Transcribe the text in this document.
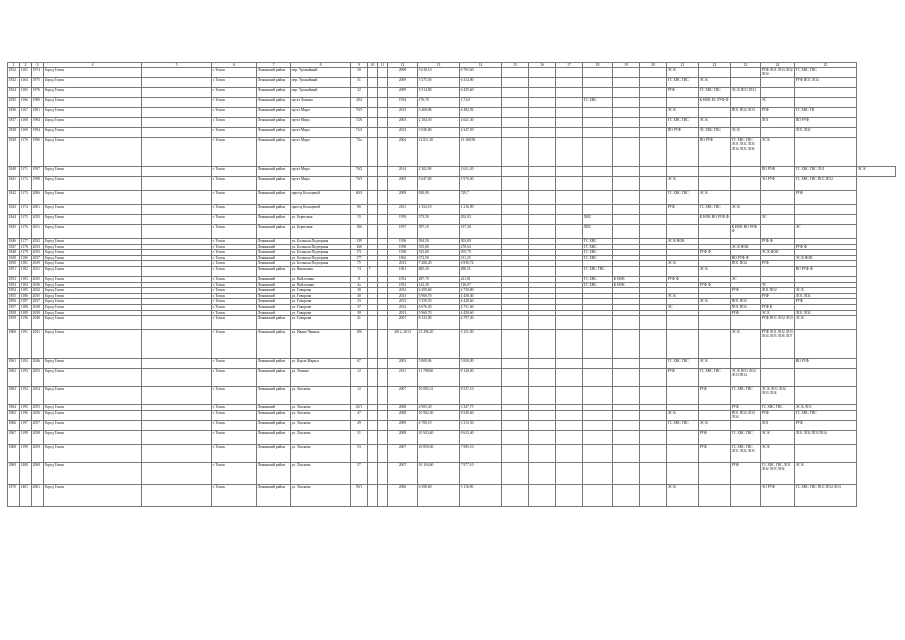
1	2	3	4	5	6	7	8	9	10	11	12	13	14	15	16	17	18	19	20	21	22	23	24	25	
1832	1161	1974	Город Томск		г. Томск	Ленинский район	пер. Урожайный	30			2009	5 618,10	6 765,60							ЭС К			РУФ ЛО1 ЛО3 ЛО2 ЛО4	ТС ХВС ГВС	
1832	1164	1975	Город Томск		г. Томск	Ленинский район	пер. Урожайный	31			2009	5 575,50	6 414,80							ТС ХВС ГВС	ЭС К			РУФ ПО1 ЛО2	
1834	1165	1976	Город Томск		г. Томск	Ленинский район	пер. Урожайный	32			2009	5 514,89	6 459,60							РУФ	ТС ХВС ГВС	ЭС К ПО1 ПО2			
1835	1166	1980	Город Томск		г. Томск	Ленинский район	пр-кт Ленина	204			1954	176,70	1,7,63				ТС ХВС				К НОК ЕС РУФ Ф		ЭС		
1836	1167	1991	Город Томск		г. Томск	Ленинский район	пр-кт Мира	70/3			2013	3 468,86	4 482,92							ЭС К		ПО1 ПО2 ЛО3	РУФ	ТС ХВС ГВ	
1837	1168	1984	Город Томск		г. Томск	Ленинский район	пр-кт Мира	72/6			2003	2 104,50	2 621,30							ТС ХВС ГВС	ЭС К		ЛО1	ПО РУФ	
1838	1169	1994	Город Томск		г. Томск	Ленинский район	пр-кт Мира	72/2			2013	3 038,80	4 347,50							ПО РУФ	ЭС ХВС ГВС	ЭС К		ЛО1 ЛО2	
1839	1170	1996	Город Томск		г. Томск	Ленинский район	пр-кт Мира	72а			2004	12 011,30	13 168,90								ПО РУФ	ТС ХВС ГВС ЛО1 ЛО2 ЛО3 ЛО4 ЛО5 ЛО6	ЭС К		
1840	1171	1997	Город Томск		г. Томск	Ленинский район	пр-кт Мира	76/2			2014	2 302,90	2 631,20										ПО РУФ	ТС ХВС ГВС ЛО1	ЭС К
1841	1172	1998	Город Томск		г. Томск	Ленинский район	пр-кт Мира	76/3			2005	5 047,80	5 970,00							ЭС К			ЭО РУФ	ТС ХВС ГВС ПО1 ПО2	
1842	1173	2006	Город Томск		г. Томск	Ленинский район	проезд Кольцевой	60/4			2009	820,90	729,7							ТС ХВС ГВС	ЭС К			РУФ	
1843	1174	2001	Город Томск		г. Томск	Ленинский район	проезд Кольцевой	8б			2011	1 352,10	1 216,89							РУФ	ТС ХВС ГВС	ЭС К			
1844	1175	2035	Город Томск		г. Томск	Ленинский район	ул. Береговая	15			1959	373,50	292,93				ХВС				К НОК ВО РУФ Ф		ЭС		
1845	1176	2031	Город Томск		г. Томск	Ленинский район	ул. Береговая	18б			1957	397,10	317,38				ХВС					К НОК ВО РУФ Ф		ЭС	
1846	1177	2032	Город Томск		г. Томск	Ленинский	ул. Большая Подгорная	139			1956	394,50	303,09				ТС ХВС			ЭС К НОК			РУФ Ф		
1847	1178	2033	Город Томск		г. Томск	Ленинский	ул. Большая Подгорная	160			1958	355,80	278,64				ТС ХВС					ЭС К НОК		РУФ Ф	
1848	1179	2035	Город Томск		г. Томск	Ленинский	ул. Большая Подгорная	171			1958	325,60	295,79				ТС ХВС				РУФ Ф		ЭС К НОК		
1849	1180	2037	Город Томск		г. Томск	Ленинский	ул. Большая Подгорная	177			1962	372,50	311,25				ТС ХВС					ВО РУФ Ф		ЭС К НОК	
1850	1181	2039	Город Томск		г. Томск	Ленинский	ул. Большая Подгорная	75			2013	7 206,20	6 930,74							ЭС К		ПО1 ПО2	РУФ		
1851	1182	2031	Город Томск		г. Томск	Ленинский район	ул. Вишневая	74	7		1961	685,50	480,51				ТС ХВС ГВС				ЭС К			ВО РУФ Ф	
1852	1183	2035	Город Томск		г. Томск	Ленинский	ул. Войлочная	8			1952	287,70	221,81				ТС ХВС	К НОК		РУФ Ф		ЭС			
1853	1184	2036	Город Томск		г. Томск	Ленинский	ул. Войлочная	4а			1952	142,30	126,07				ТС ХВС	К НОК			РУФ Ф		ЭС		
1854	1185	2032	Город Томск		г. Томск	Ленинский	ул. Говорова	30			2012	6 308,60	4 730,80									РУФ	ЛО1 ПО2	ЭС К	
1855	1186	2035	Город Томск		г. Томск	Ленинский	ул. Говорова	30			2013	5 968,70	4 458,40							ЭС К			РУФ	ЛО1 ЛО2	
1856	1187	2037	Город Томск		г. Томск	Ленинский	ул. Говорова	33			2013	5 359,50	4 428,60								ЭС К	ПО1 ПО2		РУФ	
1857	1188	2038	Город Томск		г. Томск	Ленинский	ул. Говорова	37			2012	6 676,50	4 751,60							ЭС		ПО1 ПО2	РУФ К		
1858	1189	2039	Город Томск		г. Томск	Ленинский	ул. Говорова	39			2013	5 960,70	4 450,60									РУФ	ЭС Е	ЛО1 ЛО2	
1859	1190	2040	Город Томск		г. Томск	Ленинский район	ул. Говорова	41			2007	8 323,90	6 797,30										РУФ ПО1 ЛО2 ЛО3	ЭС К	
1860	1191	2041	Город Томск		г. Томск	Ленинский район	ул. Ивана Черных	18б			2012, 2013	13 296,20	3 151,00									ЭС К	РУФ ЛО1 ЛО2 ЛО3 ЛО4 ЛО5 ЛО6 ЛО7		
1861	1192	2046	Город Томск		г. Томск	Ленинский район	ул. Карла Маркса	67			2003	5 808,06	5 820,00							ТС ХВС ГВС	ЭС К			ВО РУФ	
1862	1193	2053	Город Томск		г. Томск	Ленинский район	ул. Ленина	12			2011	11 708,00	9 128,00							РУФ	ТС ХВС ГВС	ЭС К ПО1 ЛО2 ЛО3 ПО4			
1863	1194	2054	Город Томск		г. Томск	Ленинский район	ул. Лыскова	12			2007	10 085,31	8 537,10								РУФ	ТС ХВС ГВС	ЭС К ЛО1 ЛО2 ЛО3 ЛО4		
1864	1195	2055	Город Томск		г. Томск	Ленинский	ул. Лыскова	45/1			2008	4 905,30	3 347,75									РУФ	ТС ХВС ГВС	ЭС К ЛО1	
1865	1196	2056	Город Томск		г. Томск	Ленинский район	ул. Лыскова	47			2008	10 902,30	8 549,60							ЭС К		ПО1 ПО2 ЛО3 ЛО4	РУФ	ТС ХВС ГВС	
1866	1197	2057	Город Томск		г. Томск	Ленинский район	ул. Лыскова	49			2009	4 708,10	3 313,50							ТС ХВС ГВС	ЭС К		ЛО1	РУФ	
1867	1198	2058	Город Томск		г. Томск	Ленинский район	ул. Лыскова	51			2008	10 943,40	8 623,40								РУФ	ТС ХВС ГВС	ЭС К	ЛО1 ЛО2 ПО3 ПО4	
1868	1199	2059	Город Томск		г. Томск	Ленинский район	ул. Лыскова	53			2007	10 850,30	7 985,10								РУФ	ТС ХВС ГВС ЛО1 ЛО2 ЛО3	ЭС К		
1869	1400	2060	Город Томск		г. Томск	Ленинский район	ул. Лыскова	57			2007	10 104,60	7 977,10									РУФ	ТС ХВС ГВС ЛО1 ЛО2 ЛО3 ЛО4	ЭС К	
1870	1401	2061	Город Томск		г. Томск	Ленинский район	ул. Лыскова	59/1			2006	6 398,60	5 116,90							ЭС К			ЭО РУФ	ТС ХВС ГВС ПО1 ПО2 ЛО3	
